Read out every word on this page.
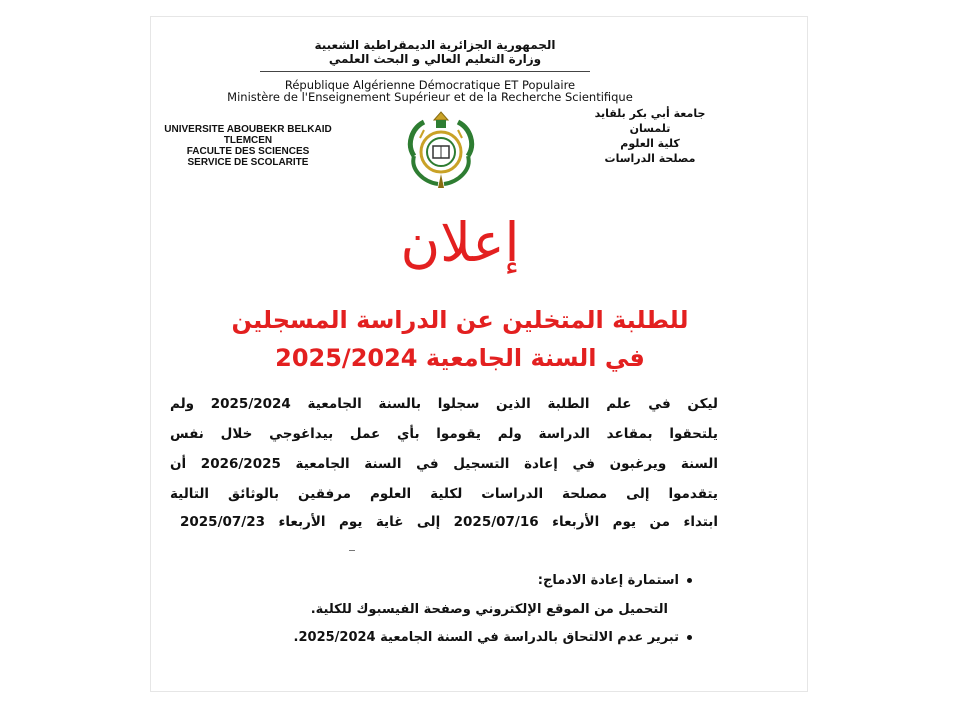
الجمهورية الجزائرية الديمقراطية الشعبية
وزارة التعليم العالي و البحث العلمي
République Algérienne Démocratique ET Populaire
Ministère de l'Enseignement Supérieur et de la Recherche Scientifique
UNIVERSITE ABOUBEKR BELKAID
TLEMCEN
FACULTE DES SCIENCES
SERVICE DE SCOLARITE
جامعة أبي بكر بلقايد
تلمسان
كلية العلوم
مصلحة الدراسات
إعلان
للطلبة المتخلين عن الدراسة المسجلين
في السنة الجامعية 2025/2024
ليكن في علم الطلبة الذين سجلوا بالسنة الجامعية 2025/2024 ولم
يلتحقوا بمقاعد الدراسة ولم يقوموا بأي عمل بيداغوجي خلال نفس
السنة ويرغبون في إعادة التسجيل في السنة الجامعية 2026/2025 أن
يتقدموا إلى مصلحة الدراسات لكلية العلوم مرفقين بالوثائق التالية
ابتداء من يوم الأربعاء 2025/07/16 إلى غاية يوم الأربعاء 2025/07/23
استمارة إعادة الادماج:
التحميل من الموقع الإلكتروني وصفحة الفيسبوك للكلية.
تبرير عدم الالتحاق بالدراسة في السنة الجامعية 2025/2024.
